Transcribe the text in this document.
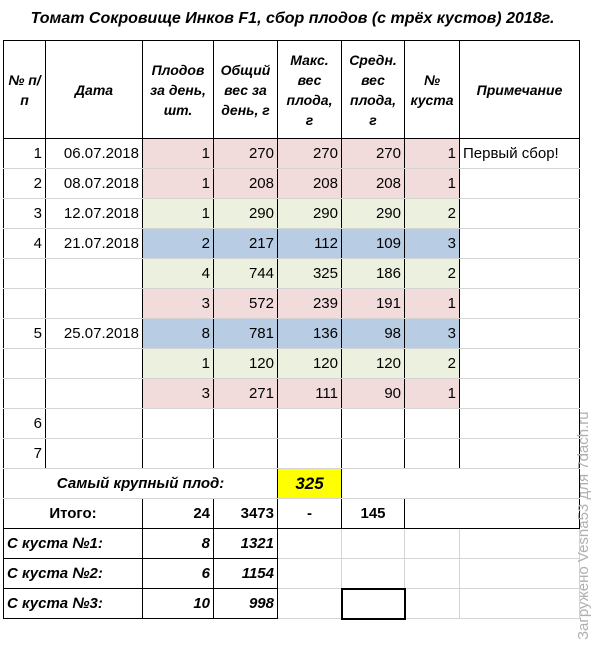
Томат Сокровище Инков F1, сбор плодов (с трёх кустов) 2018г.
№ п/п	Дата	Плодов за день, шт.	Общий вес за день, г	Макс. вес плода, г	Средн. вес плода, г	№ куста	Примечание
1	06.07.2018	1	270	270	270	1	Первый сбор!
2	08.07.2018	1	208	208	208	1	
3	12.07.2018	1	290	290	290	2	
4	21.07.2018	2	217	112	109	3	
		4	744	325	186	2	
		3	572	239	191	1	
5	25.07.2018	8	781	136	98	3	
		1	120	120	120	2	
		3	271	111	90	1	
6							
7							
Самый крупный плод:				325			
Итого:		24	3473	-	145		
С куста №1:		8	1321				
С куста №2:		6	1154				
С куста №3:		10	998					Загружено Vesna53 для 7dach.ru
